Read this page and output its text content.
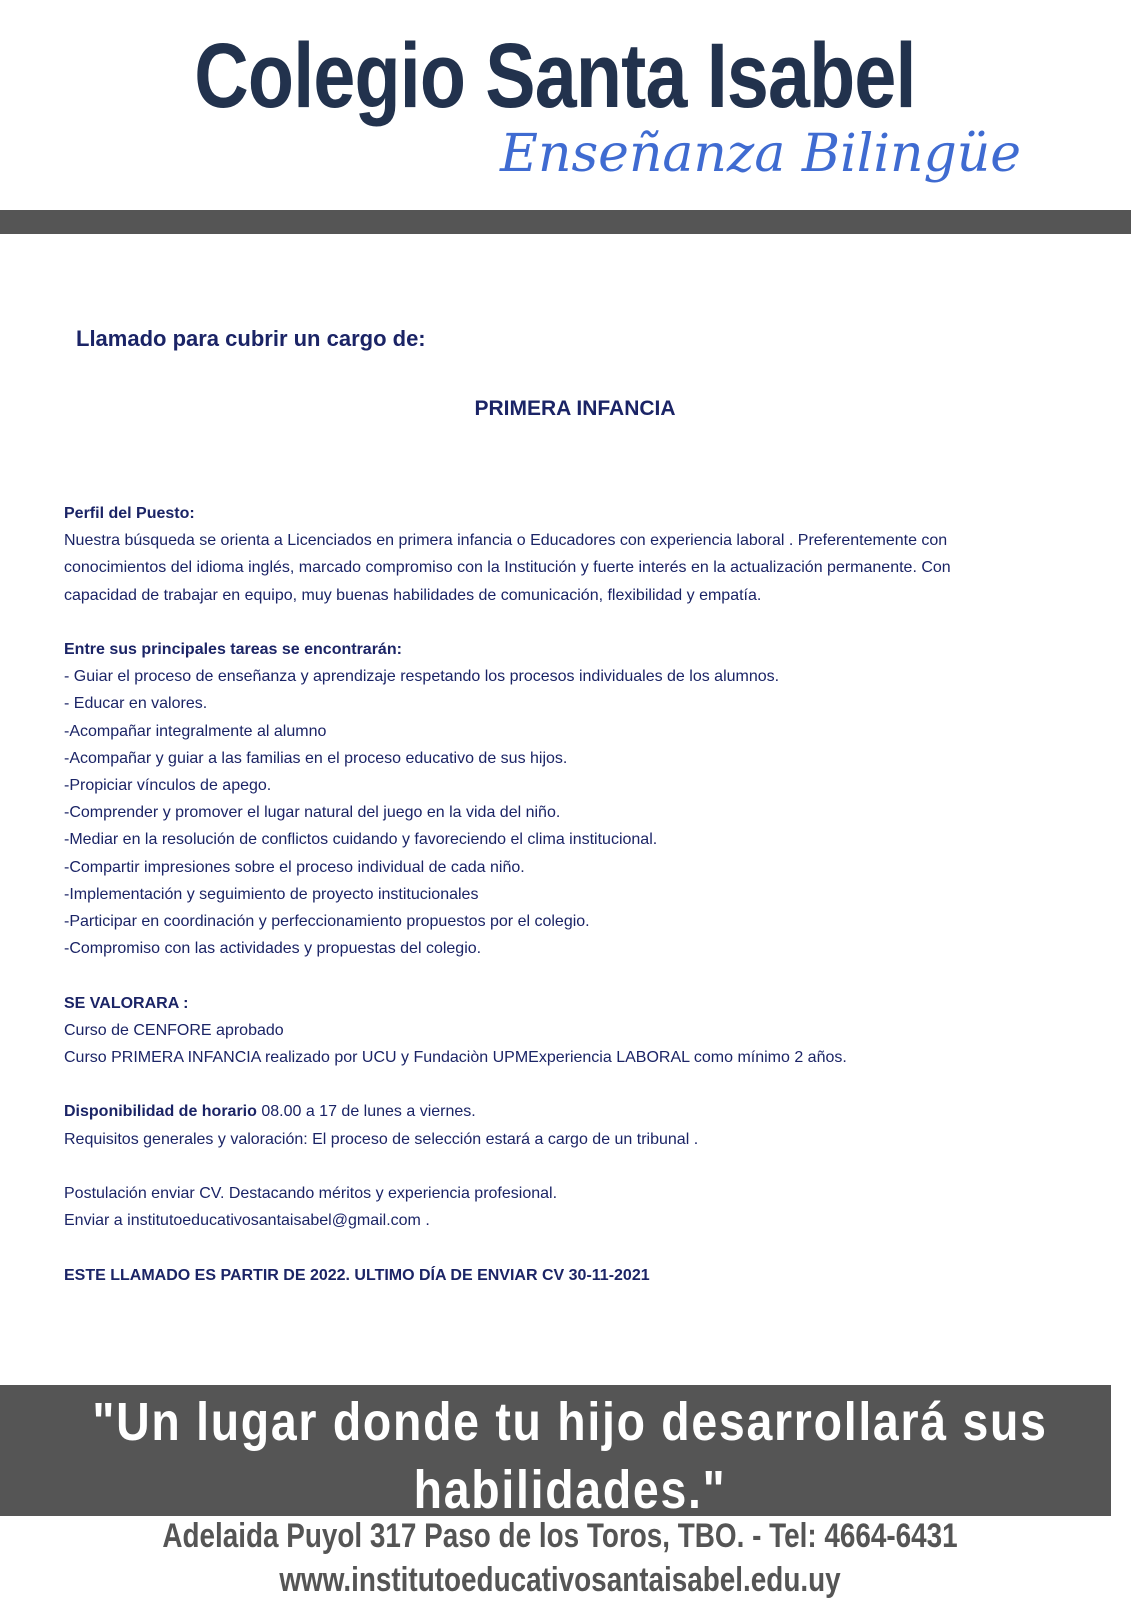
Colegio Santa Isabel
Enseñanza Bilingüe
Llamado para cubrir un cargo de:
PRIMERA INFANCIA

Perfil del Puesto:

Nuestra búsqueda se orienta a Licenciados en primera infancia o Educadores con experiencia laboral . Preferentemente con

conocimientos del idioma inglés, marcado compromiso con la Institución y fuerte interés en la actualización permanente. Con

capacidad de trabajar en equipo, muy buenas habilidades de comunicación, flexibilidad y empatía.

Entre sus principales tareas se encontrarán:

- Guiar el proceso de enseñanza y aprendizaje respetando los procesos individuales de los alumnos.

- Educar en valores.

-Acompañar integralmente al alumno

-Acompañar y guiar a las familias en el proceso educativo de sus hijos.

-Propiciar vínculos de apego.

-Comprender y promover el lugar natural del juego en la vida del niño.

-Mediar en la resolución de conflictos cuidando y favoreciendo el clima institucional.

-Compartir impresiones sobre el proceso individual de cada niño.

-Implementación y seguimiento de proyecto institucionales

-Participar en coordinación y perfeccionamiento propuestos por el colegio.

-Compromiso con las actividades y propuestas del colegio.

SE VALORARA :

Curso de CENFORE aprobado

Curso PRIMERA INFANCIA realizado por UCU y Fundaciòn UPMExperiencia LABORAL como mínimo 2 años.

Disponibilidad de horario 08.00 a 17 de lunes a viernes.

Requisitos generales y valoración: El proceso de selección estará a cargo de un tribunal .

Postulación enviar CV. Destacando méritos y experiencia profesional.

Enviar a institutoeducativosantaisabel@gmail.com .

ESTE LLAMADO ES PARTIR DE 2022. ULTIMO DÍA DE ENVIAR CV 30-11-2021

"Un lugar donde tu hijo desarrollará sus
habilidades."
Adelaida Puyol 317 Paso de los Toros, TBO. - Tel: 4664-6431
www.institutoeducativosantaisabel.edu.uy
